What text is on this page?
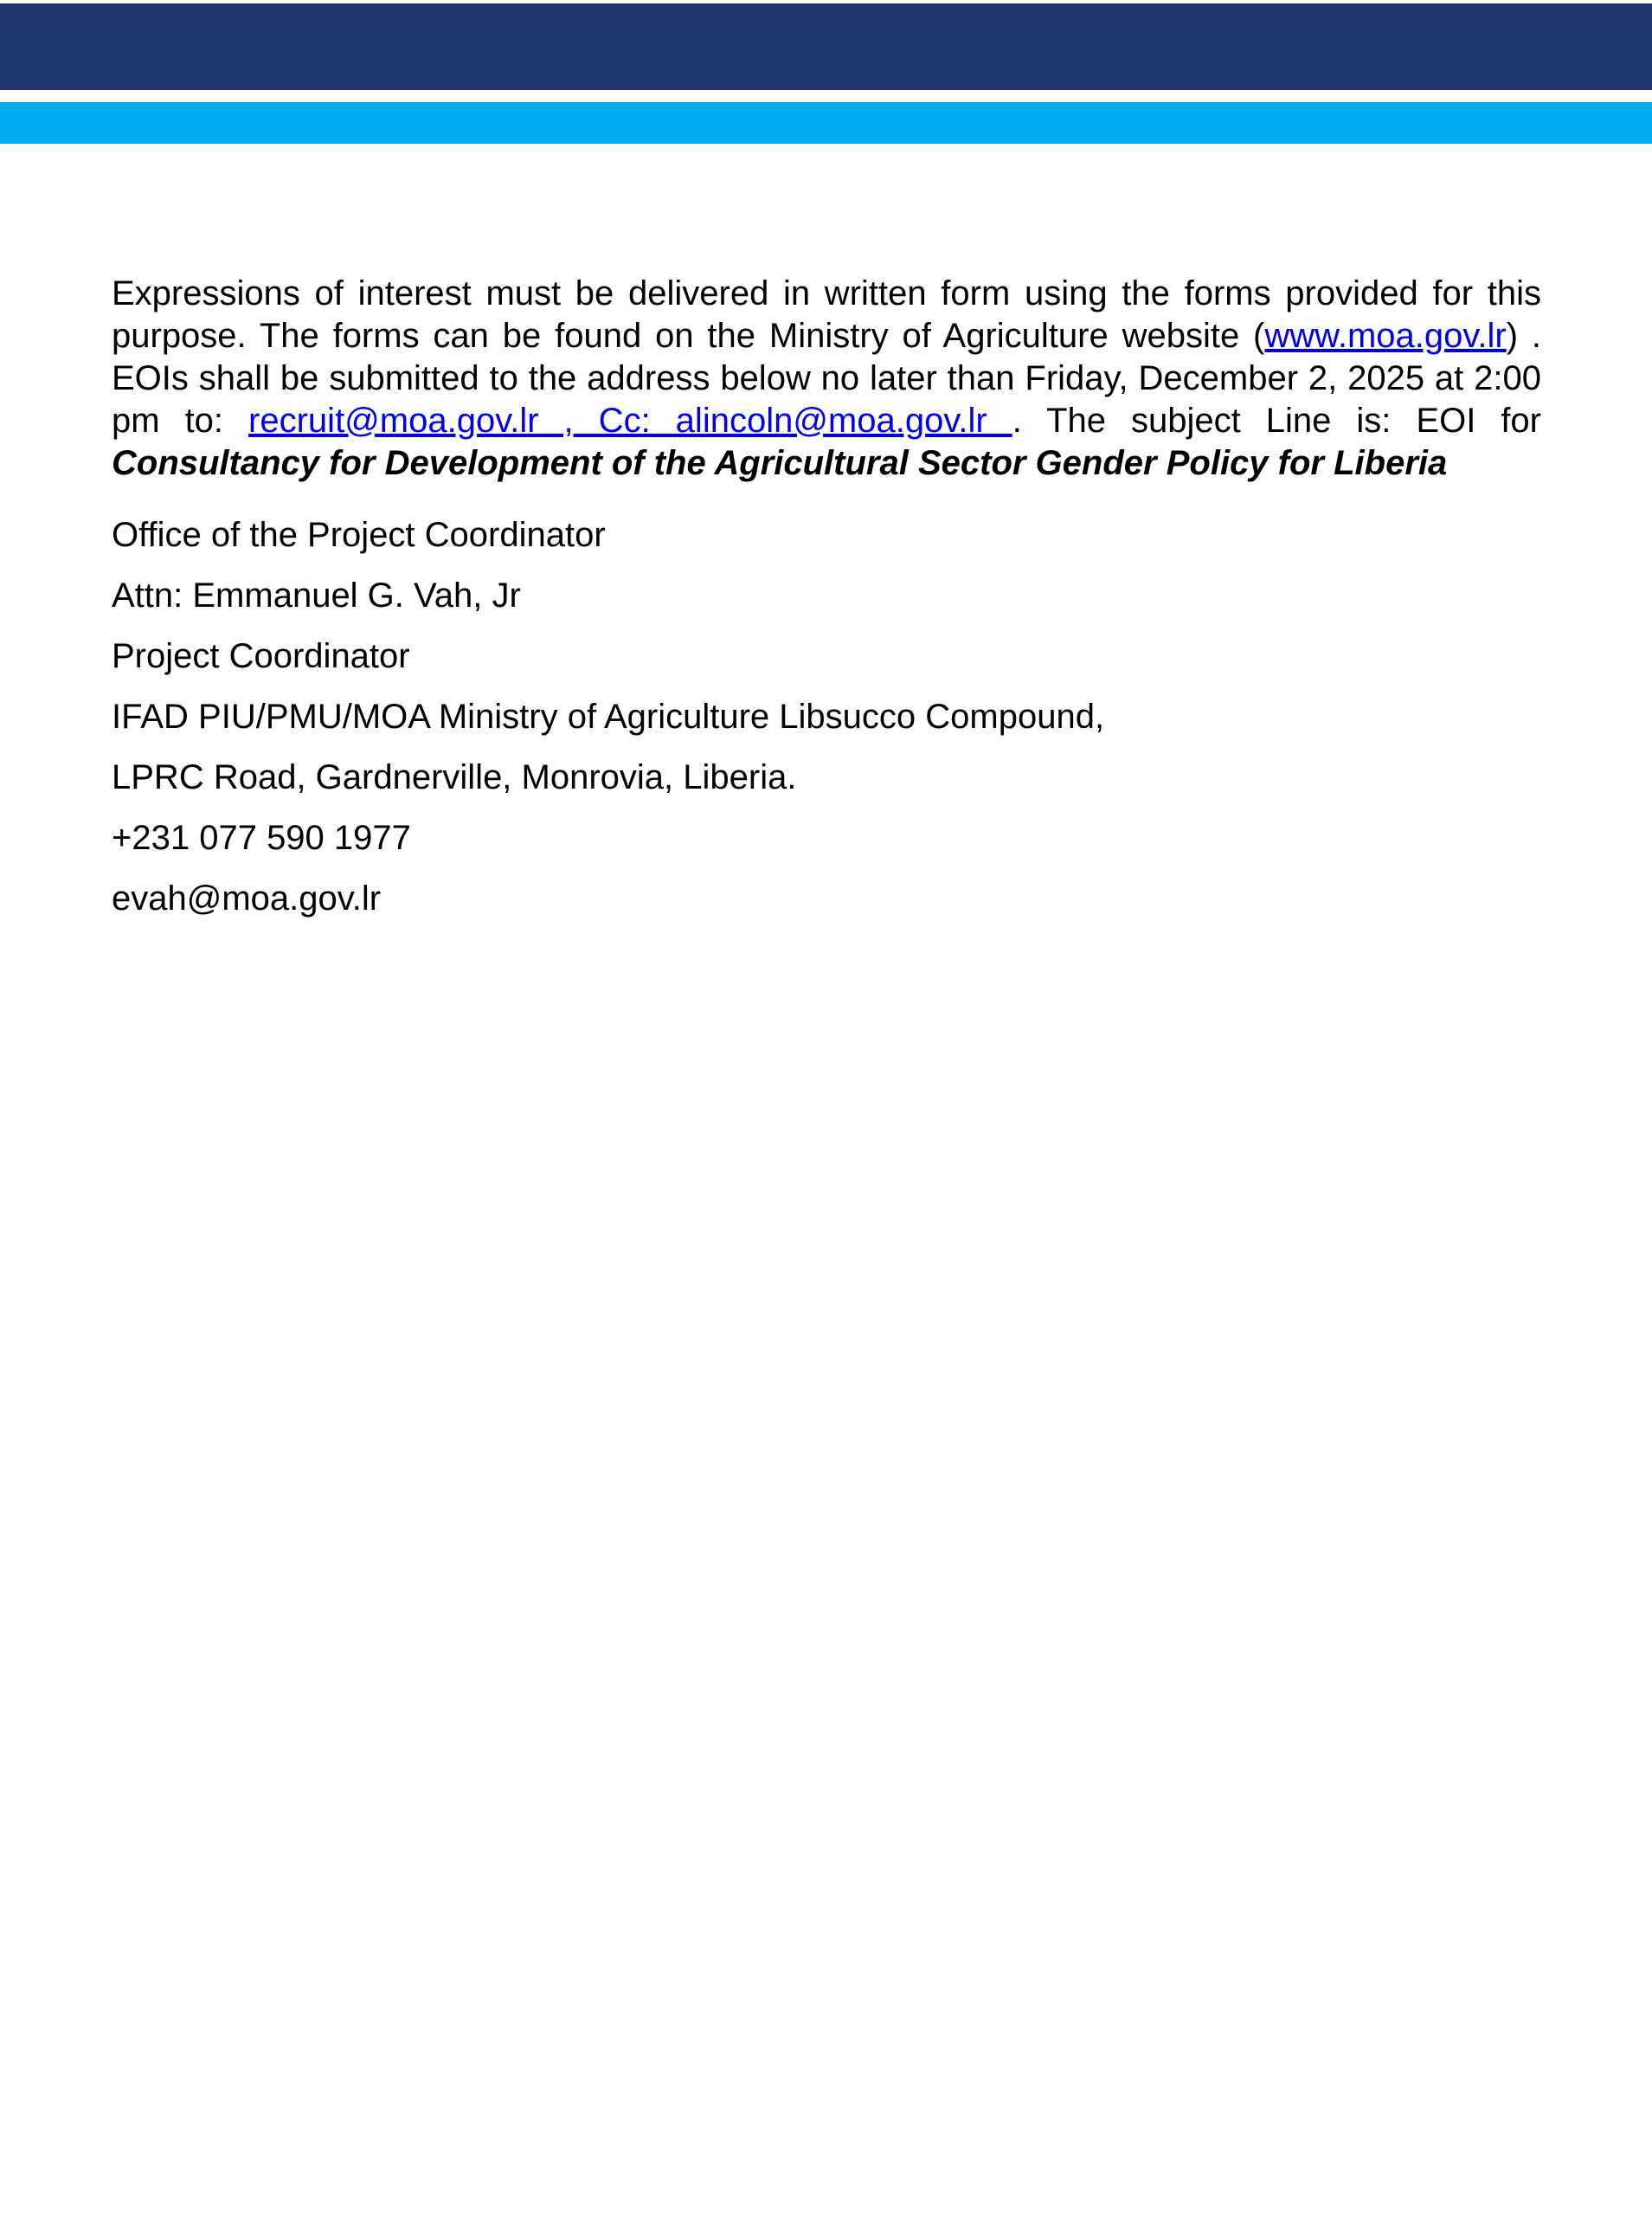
Expressions of interest must be delivered in written form using the forms provided for this purpose. The forms can be found on the Ministry of Agriculture website (www.moa.gov.lr) . EOIs shall be submitted to the address below no later than Friday, December 2, 2025 at 2:00 pm to: recruit@moa.gov.lr , Cc: alincoln@moa.gov.lr . The subject Line is: EOI for Consultancy for Development of the Agricultural Sector Gender Policy for Liberia

Office of the Project Coordinator

Attn: Emmanuel G. Vah, Jr

Project Coordinator

IFAD PIU/PMU/MOA Ministry of Agriculture Libsucco Compound,

LPRC Road, Gardnerville, Monrovia, Liberia.

+231 077 590 1977

evah@moa.gov.lr
